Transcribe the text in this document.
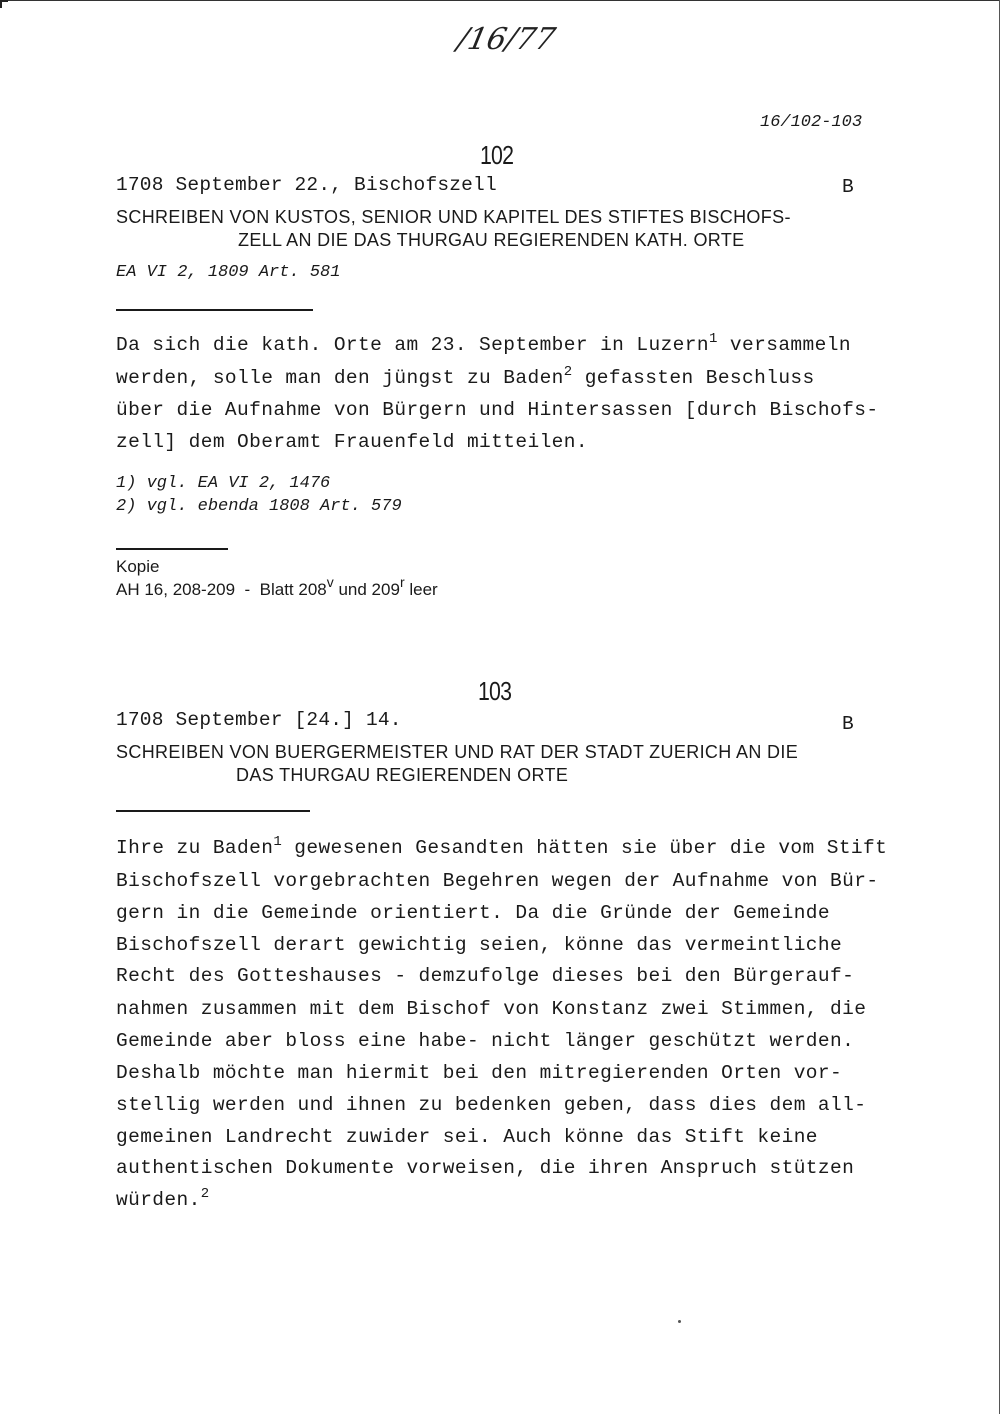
/16/77
16/102-103
102
1708 September 22., Bischofszell	B
SCHREIBEN VON KUSTOS, SENIOR UND KAPITEL DES STIFTES BISCHOFS-
ZELL AN DIE DAS THURGAU REGIERENDEN KATH. ORTE
EA VI 2, 1809 Art. 581
Da sich die kath. Orte am 23. September in Luzern$^1$ versammeln
werden, solle man den jüngst zu Baden$^2$ gefassten Beschluss
über die Aufnahme von Bürgern und Hintersassen [durch Bischofs-
zell] dem Oberamt Frauenfeld mitteilen.
1) vgl. EA VI 2, 1476
2) vgl. ebenda 1808 Art. 579
Kopie
AH 16, 208-209  -  Blatt 208$^v$ und 209$^r$ leer
103
1708 September [24.] 14.	B
SCHREIBEN VON BUERGERMEISTER UND RAT DER STADT ZUERICH AN DIE
DAS THURGAU REGIERENDEN ORTE
Ihre zu Baden$^1$ gewesenen Gesandten hätten sie über die vom Stift
Bischofszell vorgebrachten Begehren wegen der Aufnahme von Bür-
gern in die Gemeinde orientiert. Da die Gründe der Gemeinde
Bischofszell derart gewichtig seien, könne das vermeintliche
Recht des Gotteshauses - demzufolge dieses bei den Bürgerauf-
nahmen zusammen mit dem Bischof von Konstanz zwei Stimmen, die
Gemeinde aber bloss eine habe- nicht länger geschützt werden.
Deshalb möchte man hiermit bei den mitregierenden Orten vor-
stellig werden und ihnen zu bedenken geben, dass dies dem all-
gemeinen Landrecht zuwider sei. Auch könne das Stift keine
authentischen Dokumente vorweisen, die ihren Anspruch stützen
würden.$^2$
